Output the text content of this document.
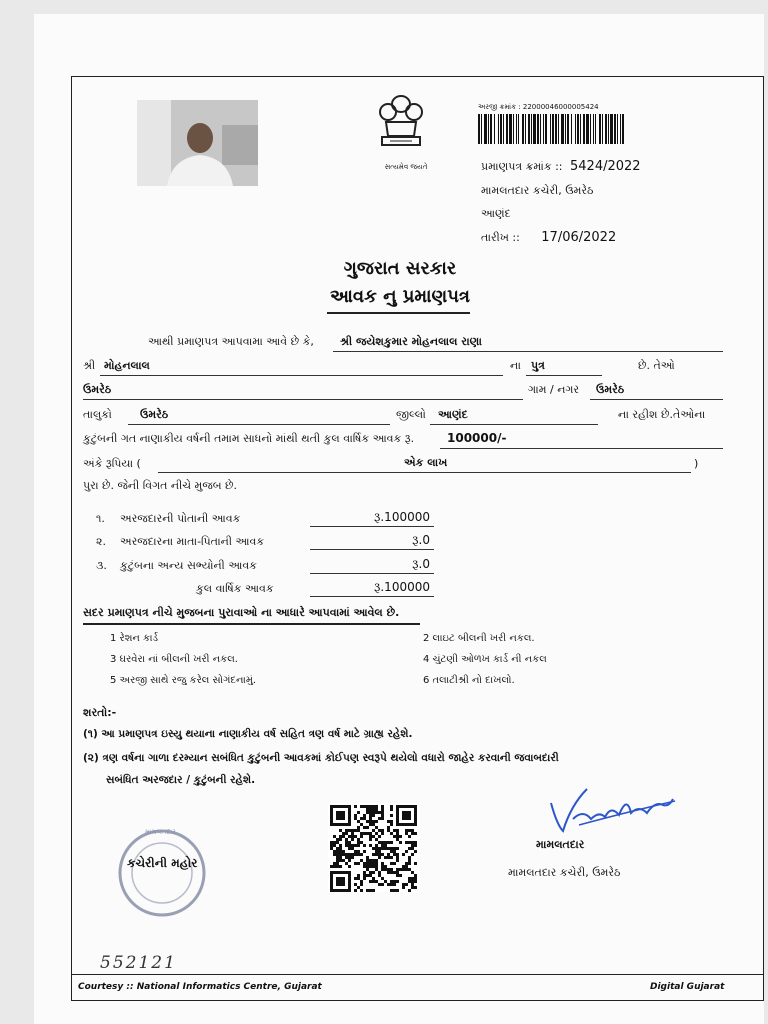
સત્યમેવ જયતે
અરજી ક્રમાંક : 22000046000005424
પ્રમાણપત્ર ક્રમાંક :: 5424/2022
મામલતદાર કચેરી, ઉમરેઠ
આણંદ
તારીખ :: 17/06/2022
ગુજરાત સરકાર
આવક નુ પ્રમાણપત્ર
આથી પ્રમાણપત્ર આપવામા આવે છે કે, શ્રી જયેશકુમાર મોહનલાલ રાણા
શ્રી મોહનલાલ	ના પુત્ર	છે. તેઓ
ઉમરેઠ	ગામ / નગર ઉમરેઠ
તાલુકો	ઉમરેઠ	જીલ્લો આણંદ	ના રહીશ છે.તેઓના
કુટુંબની ગત નાણાકીય વર્ષની તમામ સાધનો માંથી થતી કુલ વાર્ષિક આવક રૂ.	100000/-
અંકે રૂપિયા (	એક લાખ	)
પુરા છે. જેની વિગત નીચે મુજબ છે.
૧. અરજદારની પોતાની આવક	રૂ.100000
૨. અરજદારના માતા-પિતાની આવક	રૂ.0
૩. કુટુંબના અન્ય સભ્યોની આવક	રૂ.0
કુલ વાર્ષિક આવક	રૂ.100000
સદર પ્રમાણપત્ર નીચે મુજબના પુરાવાઓ ના આધારે આપવામાં આવેલ છે.
1 રેશન કાર્ડ	2 લાઇટ બીલની ખરી નકલ.
3 ઘરવેરા નાં બીલની ખરી નકલ.	4 ચુંટણી ઓળખ કાર્ડ ની નકલ
5 અરજી સાથે રજુ કરેલ સોગંદનામું.	6 તલાટીશ્રી નો દાખલો.
શરતો:-
(૧) આ પ્રમાણપત્ર ઇસ્યુ થયાના નાણાકીય વર્ષ સહિત ત્રણ વર્ષ માટે ગ્રાહ્ય રહેશે.
(૨) ત્રણ વર્ષના ગાળા દરમ્યાન સબંધિત કુટુંબની આવકમાં કોઈપણ સ્વરૂપે થયેલો વધારો જાહેર કરવાની જવાબદારી
સબંધિત અરજદાર / કુટુંબની રહેશે.
મામલતદાર
કચેરીની મહોર
મામલતદાર
મામલતદાર કચેરી, ઉમરેઠ
552121
Courtesy :: National Informatics Centre, Gujarat	Digital Gujarat
